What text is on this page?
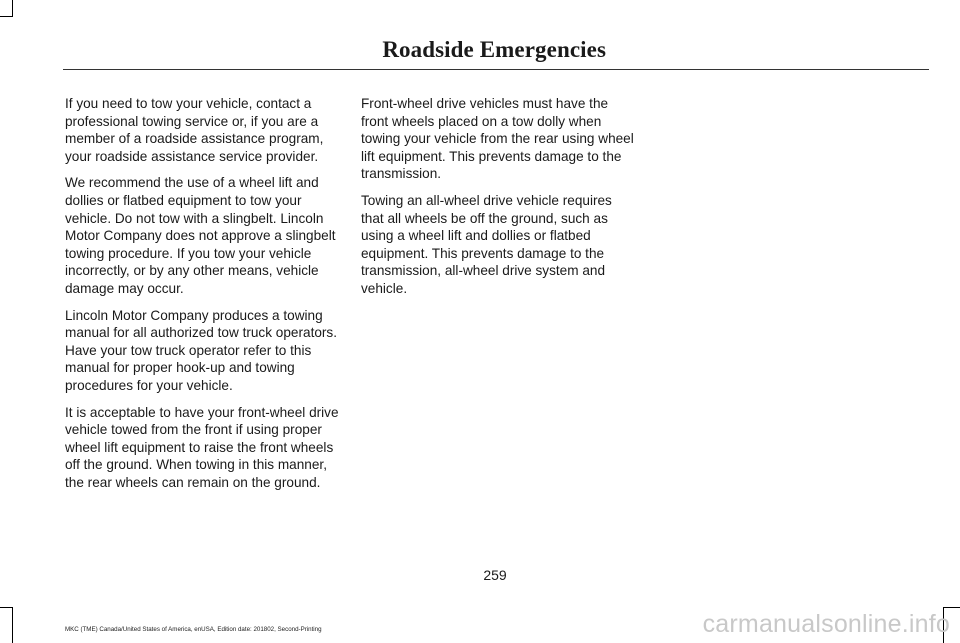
Roadside Emergencies

If you need to tow your vehicle, contact a professional towing service or, if you are a member of a roadside assistance program, your roadside assistance service provider.

We recommend the use of a wheel lift and dollies or flatbed equipment to tow your vehicle. Do not tow with a slingbelt. Lincoln Motor Company does not approve a slingbelt towing procedure. If you tow your vehicle incorrectly, or by any other means, vehicle damage may occur.

Lincoln Motor Company produces a towing manual for all authorized tow truck operators. Have your tow truck operator refer to this manual for proper hook-up and towing procedures for your vehicle.

It is acceptable to have your front-wheel drive vehicle towed from the front if using proper wheel lift equipment to raise the front wheels off the ground. When towing in this manner, the rear wheels can remain on the ground.

Front-wheel drive vehicles must have the front wheels placed on a tow dolly when towing your vehicle from the rear using wheel lift equipment. This prevents damage to the transmission.

Towing an all-wheel drive vehicle requires that all wheels be off the ground, such as using a wheel lift and dollies or flatbed equipment. This prevents damage to the transmission, all-wheel drive system and vehicle.

259
MKC (TME) Canada/United States of America, enUSA, Edition date: 201802, Second-Printing	carmanualsonline.info
